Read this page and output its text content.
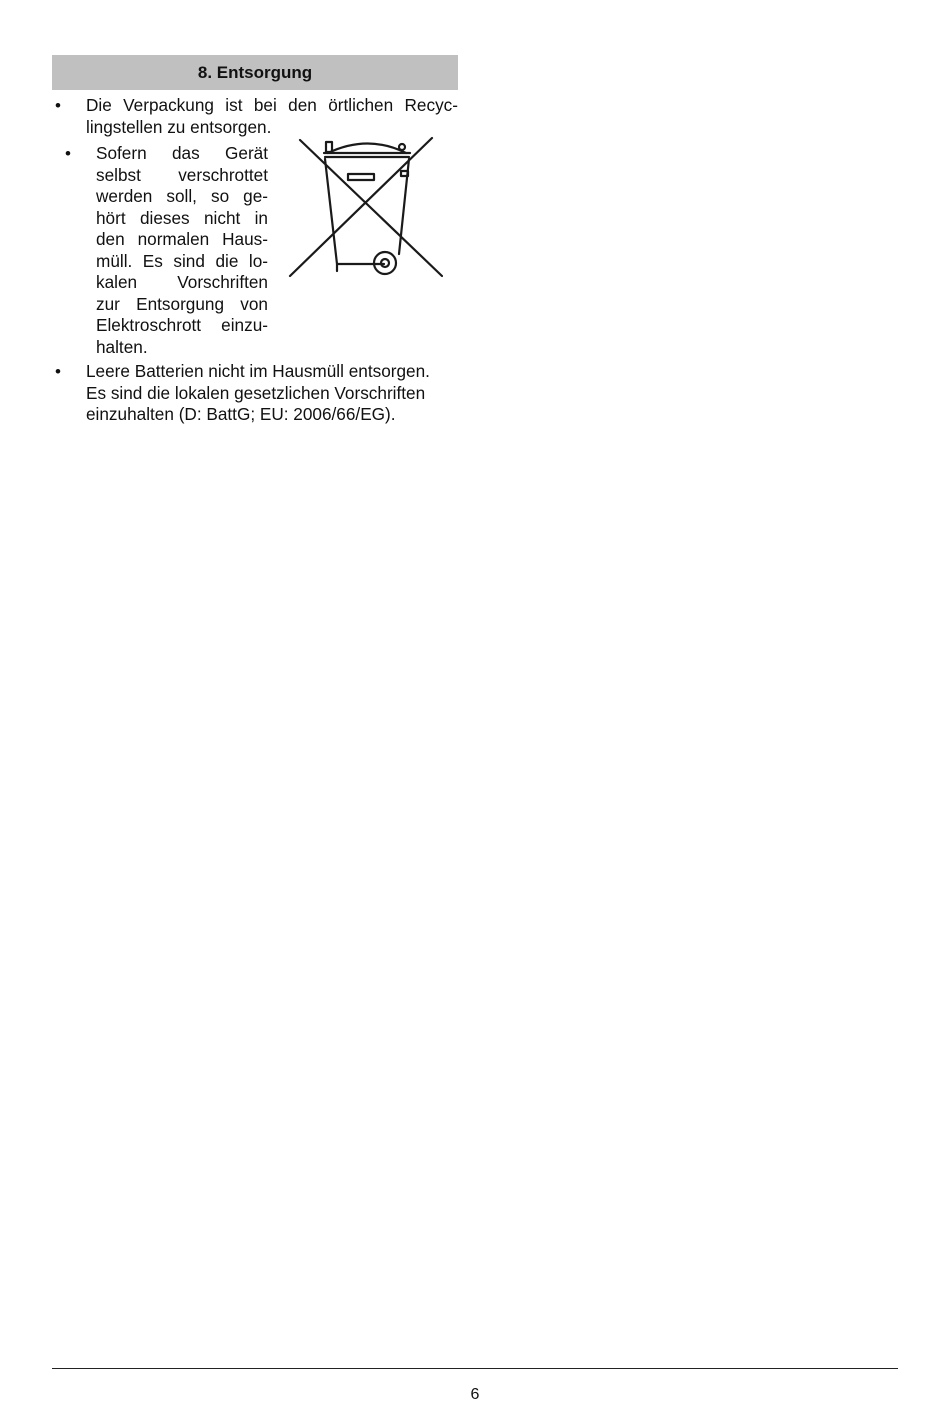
8. Entsorgung
• Die Verpackung ist bei den örtlichen Recyc-lingstellen zu entsorgen.
• Sofern das Gerät
selbst verschrottet
werden soll, so ge-
hört dieses nicht in
den normalen Haus-
müll. Es sind die lo-
kalen Vorschriften
zur Entsorgung von
Elektroschrott einzu-
halten.
• Leere Batterien nicht im Hausmüll entsorgen.
Es sind die lokalen gesetzlichen Vorschriften
einzuhalten (D: BattG; EU: 2006/66/EG).
6
